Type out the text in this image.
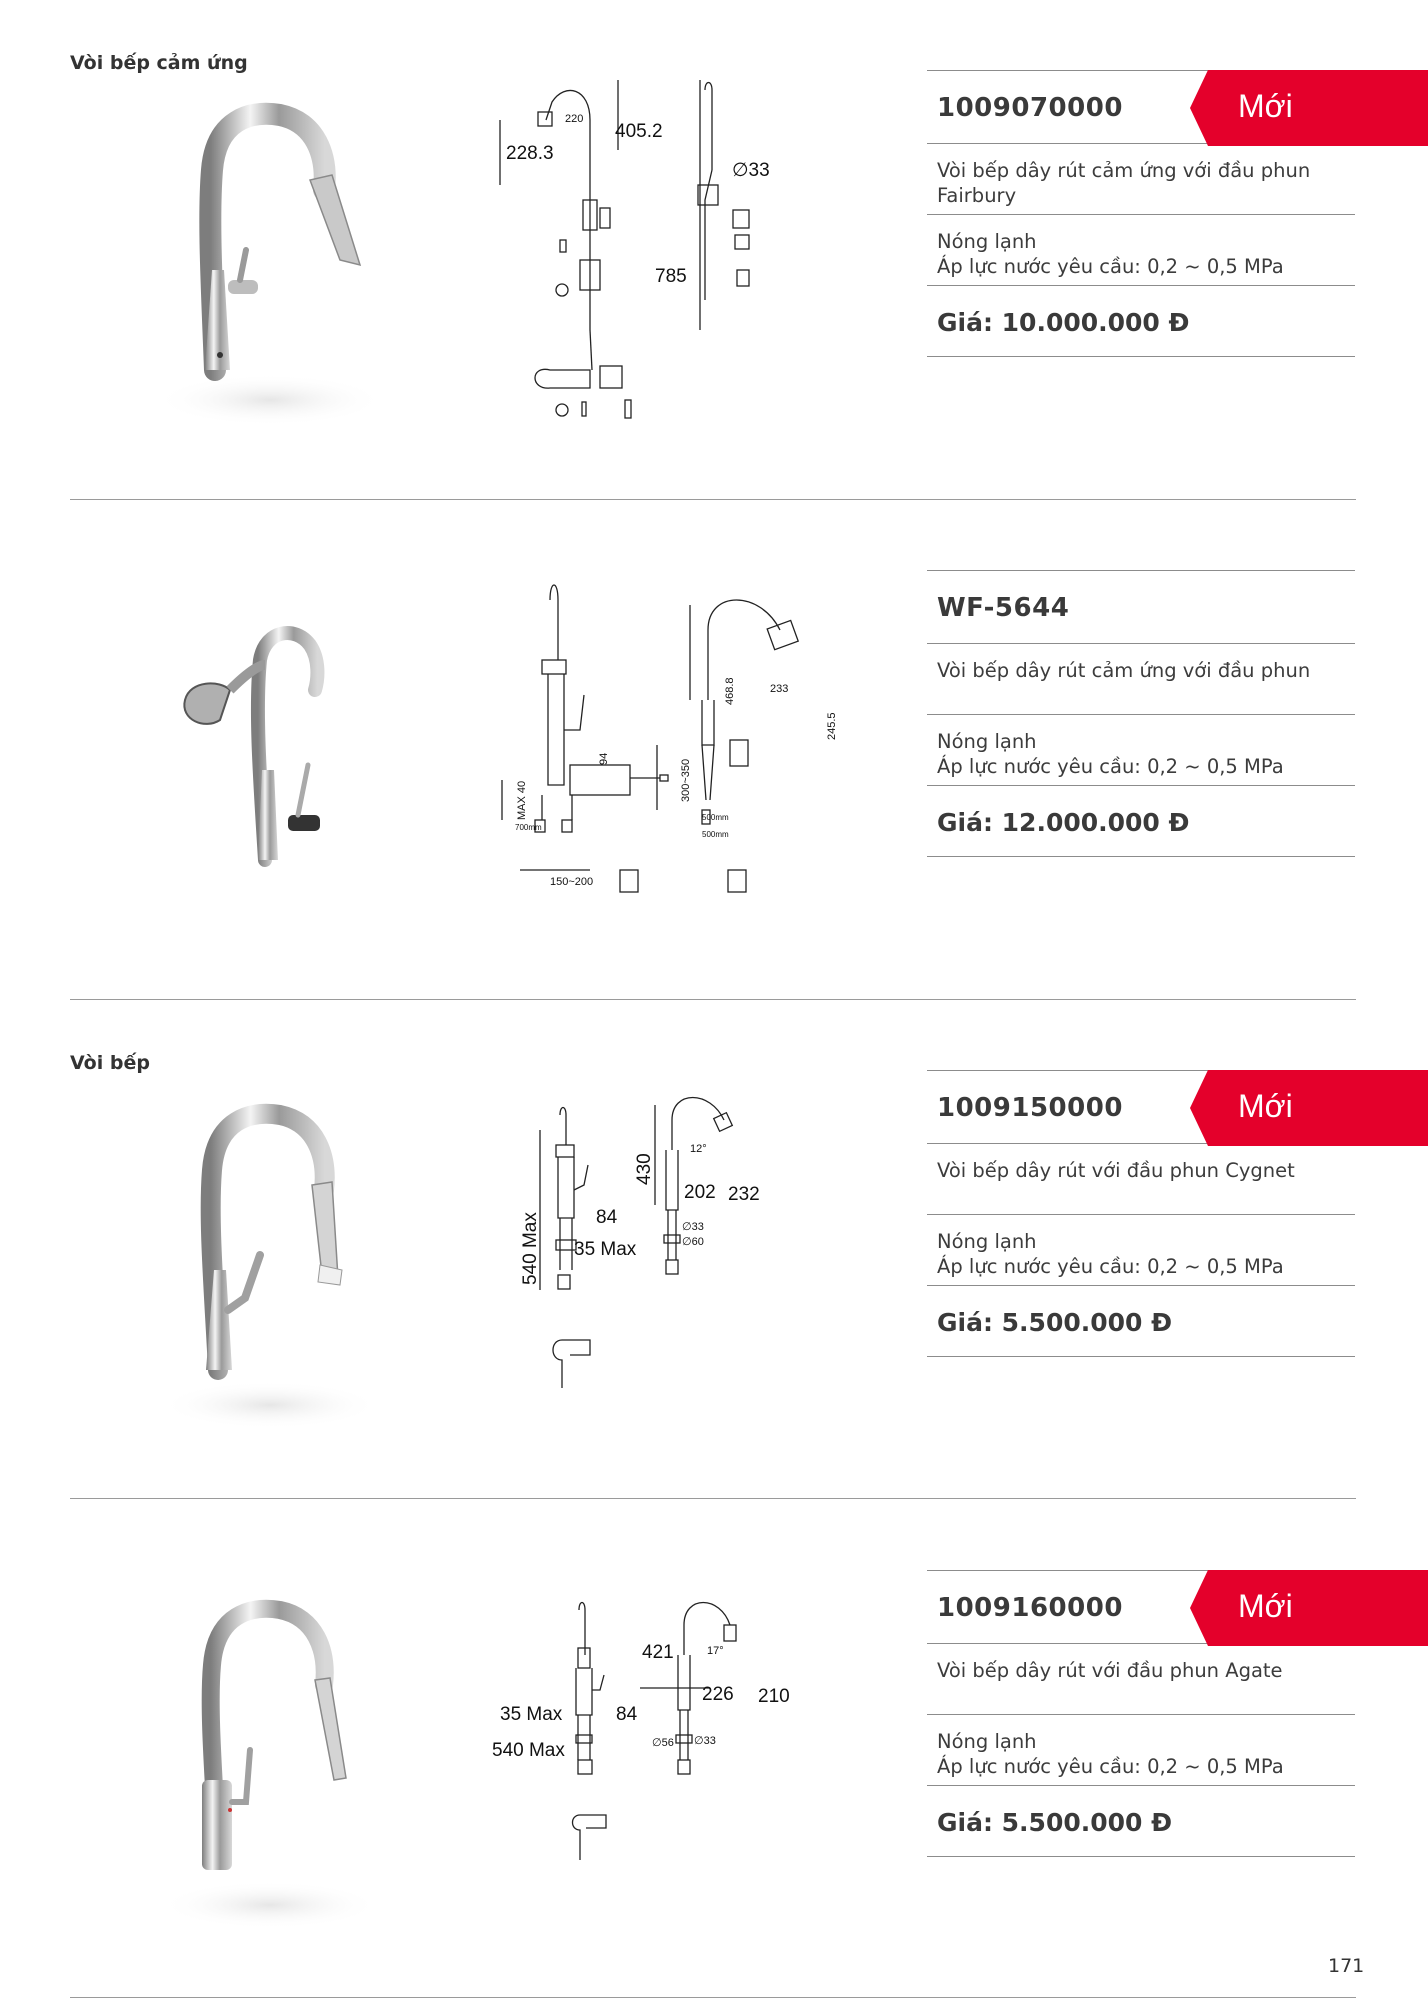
Vòi bếp cảm ứng
Vòi bếp
220
405.2
228.3
∅33
785
1009070000
Vòi bếp dây rút cảm ứng với đầu phun Fairbury
Nóng lạnh
Áp lực nước yêu cầu: 0,2 ~ 0,5 MPa
Giá: 10.000.000 Đ
Mới
MAX 40
94	300~350
700mm
150~200
468.8	233
245.5
500mm
500mm
WF-5644
Vòi bếp dây rút cảm ứng với đầu phun
Nóng lạnh
Áp lực nước yêu cầu: 0,2 ~ 0,5 MPa
Giá: 12.000.000 Đ
540 Max	84
35 Max
430
12°
202 232
∅33
∅60
1009150000
Vòi bếp dây rút với đầu phun Cygnet
Nóng lạnh
Áp lực nước yêu cầu: 0,2 ~ 0,5 MPa
Giá: 5.500.000 Đ
Mới
35 Max	84
540 Max
421	17°
226 210
∅56 ∅33
1009160000
Vòi bếp dây rút với đầu phun Agate
Nóng lạnh
Áp lực nước yêu cầu: 0,2 ~ 0,5 MPa
Giá: 5.500.000 Đ
Mới
171
